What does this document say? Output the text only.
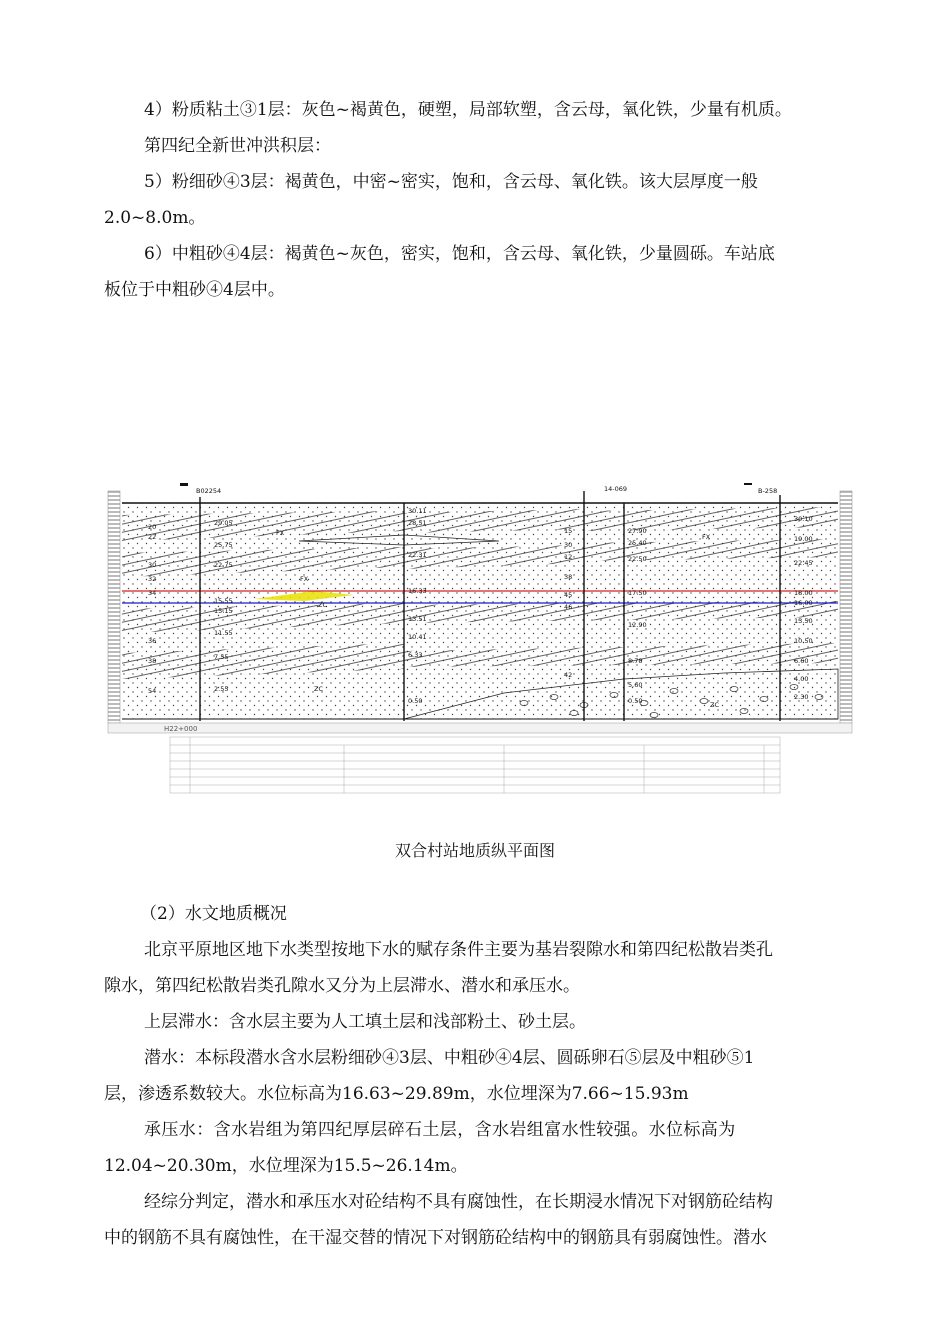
4）粉质粘土③1层：灰色~褐黄色，硬塑，局部软塑，含云母，氧化铁，少量有机质。
第四纪全新世冲洪积层：
5）粉细砂④3层：褐黄色，中密~密实，饱和，含云母、氧化铁。该大层厚度一般
2.0~8.0m。
6）中粗砂④4层：褐黄色~灰色，密实，饱和，含云母、氧化铁，少量圆砾。车站底
板位于中粗砂④4层中。
H22+000
B02254	14-069	B-258
20
22
30
32
34
36
38
54
29.05
25.75
22.75
15.55
15.15
11.55
7.55
2.55
30.11
28.51
22.31
16.33
13.51
10.41
6.33
0.50
15
30
12
38
45
46
42
27.90
25.40
22.50
17.50
12.90
8.78
5.60
0.50
30.10
19.00
22.45
18.00
16.00
13.50
10.50
6.60
4.00
2.30
FX
ZC
FX
ZC
FX
ZC
双合村站地质纵平面图
（2）水文地质概况
北京平原地区地下水类型按地下水的赋存条件主要为基岩裂隙水和第四纪松散岩类孔
隙水，第四纪松散岩类孔隙水又分为上层滞水、潜水和承压水。
上层滞水：含水层主要为人工填土层和浅部粉土、砂土层。
潜水：本标段潜水含水层粉细砂④3层、中粗砂④4层、圆砾卵石⑤层及中粗砂⑤1
层，渗透系数较大。水位标高为16.63~29.89m，水位埋深为7.66~15.93m
承压水：含水岩组为第四纪厚层碎石土层，含水岩组富水性较强。水位标高为
12.04~20.30m，水位埋深为15.5~26.14m。
经综分判定，潜水和承压水对砼结构不具有腐蚀性，在长期浸水情况下对钢筋砼结构
中的钢筋不具有腐蚀性，在干湿交替的情况下对钢筋砼结构中的钢筋具有弱腐蚀性。潜水
